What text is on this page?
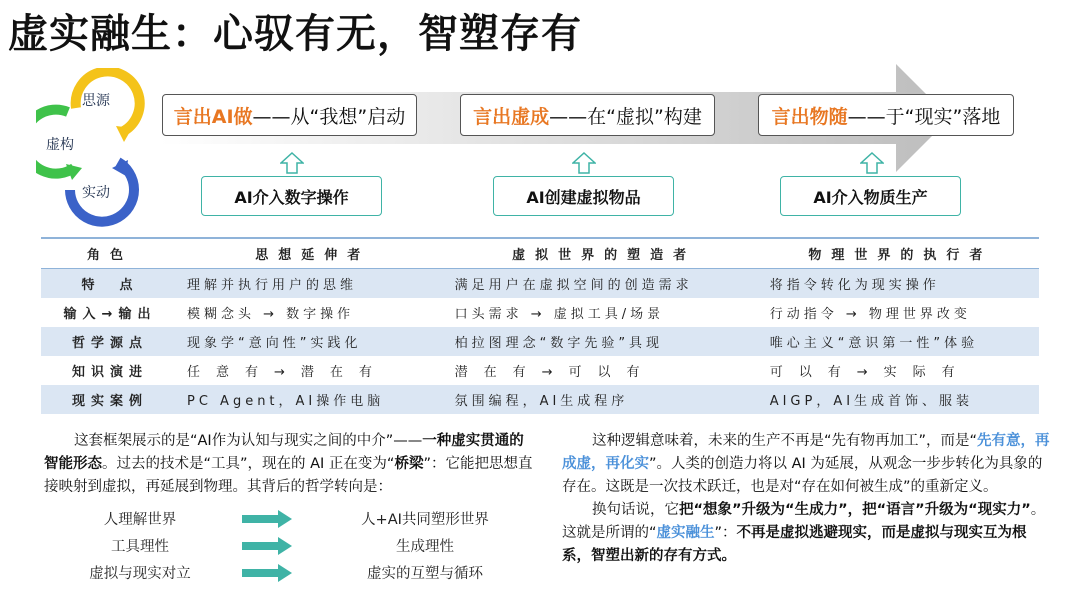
虚实融生：心驭有无，智塑存有
思源
虚构
实动
言出AI做 ——从“我想”启动	言出虚成 ——在“虚拟”构建	言出物随 ——于“现实”落地
AI介入数字操作	AI创建虚拟物品	AI介入物质生产
角色	思想延伸者	虚拟世界的塑造者	物理世界的执行者
特　点	理解并执行用户的思维	满足用户在虚拟空间的创造需求	将指令转化为现实操作
输入→输出	模糊念头 → 数字操作	口头需求 → 虚拟工具/场景	行动指令 → 物理世界改变
哲学源点	现象学“意向性”实践化	柏拉图理念“数字先验”具现	唯心主义“意识第一性”体验
知识演进	任意有→潜在有	潜在有→可以有	可以有→实际有
现实案例	PC Agent，AI操作电脑	氛围编程，AI生成程序	AIGP，AI生成首饰、服装
这套框架展示的是“AI作为认知与现实之间的中介”——一种虚实贯通的智能形态。过去的技术是“工具”，现在的 AI 正在变为“桥梁”：它能把思想直接映射到虚拟，再延展到物理。其背后的哲学转向是：
人理解世界	人+AI共同塑形世界
工具理性	生成理性
虚拟与现实对立	虚实的互塑与循环
这种逻辑意味着，未来的生产不再是“先有物再加工”，而是“先有意，再成虚，再化实”。人类的创造力将以 AI 为延展，从观念一步步转化为具象的存在。这既是一次技术跃迁，也是对“存在如何被生成”的重新定义。
换句话说，它把“想象”升级为“生成力”，把“语言”升级为“现实力”。这就是所谓的“虚实融生”：不再是虚拟逃避现实，而是虚拟与现实互为根系，智塑出新的存有方式。
